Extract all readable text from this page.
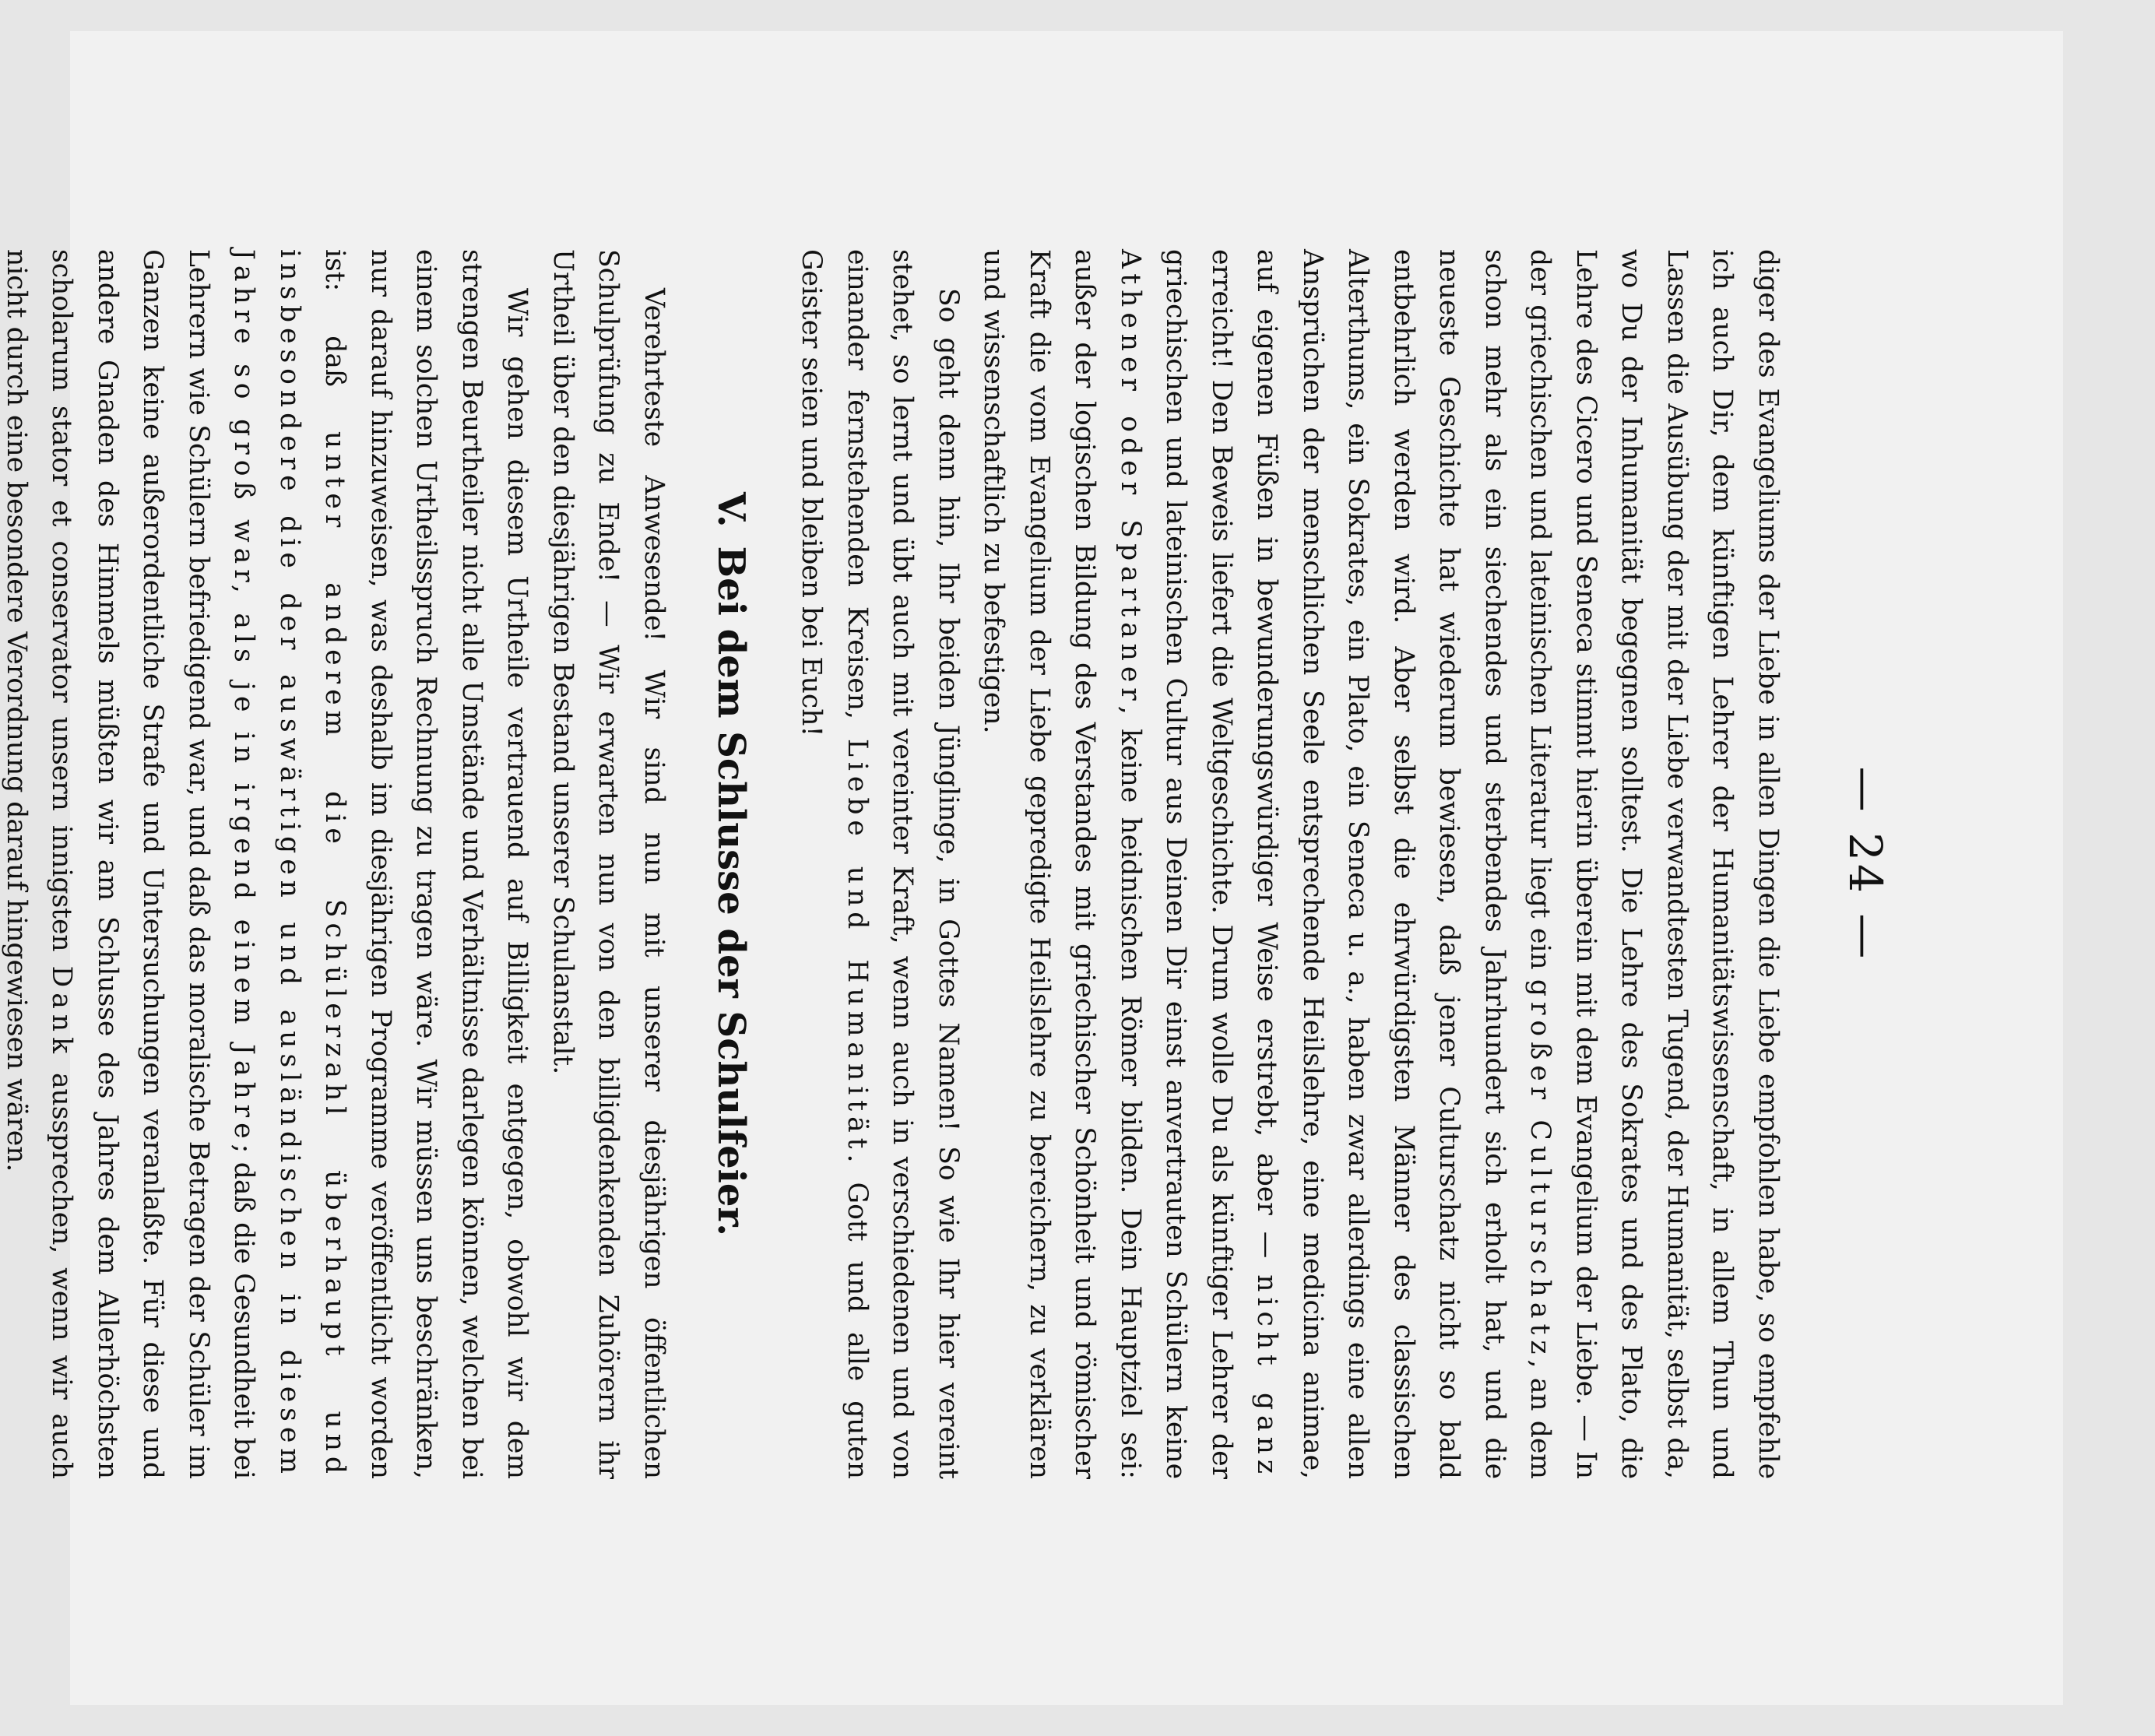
— 24 —

diger des Evangeliums der Liebe in allen Dingen die Liebe empfohlen habe, so empfehle ich auch Dir, dem künftigen Lehrer der Humanitätswissenschaft, in allem Thun und Lassen die Ausübung der mit der Liebe verwandtesten Tugend, der Humanität, selbst da, wo Du der Inhumanität begegnen solltest. Die Lehre des Sokrates und des Plato, die Lehre des Cicero und Seneca stimmt hierin überein mit dem Evangelium der Liebe. — In der griechischen und lateinischen Literatur liegt ein großer Culturschatz, an dem schon mehr als ein siechendes und sterbendes Jahrhundert sich erholt hat, und die neueste Geschichte hat wiederum bewiesen, daß jener Culturschatz nicht so bald entbehrlich werden wird. Aber selbst die ehrwürdigsten Männer des classischen Alterthums, ein Sokrates, ein Plato, ein Seneca u. a., haben zwar allerdings eine allen Ansprüchen der menschlichen Seele entsprechende Heilslehre, eine medicina animae, auf eigenen Füßen in bewunderungswürdiger Weise erstrebt, aber — nicht ganz erreicht! Den Beweis liefert die Weltgeschichte. Drum wolle Du als künftiger Lehrer der griechischen und lateinischen Cultur aus Deinen Dir einst anvertrauten Schülern keine Athener oder Spartaner, keine heidnischen Römer bilden. Dein Hauptziel sei: außer der logischen Bildung des Verstandes mit griechischer Schönheit und römischer Kraft die vom Evangelium der Liebe gepredigte Heilslehre zu bereichern, zu verklären und wissenschaftlich zu befestigen.

So geht denn hin, Ihr beiden Jünglinge, in Gottes Namen! So wie Ihr hier vereint stehet, so lernt und übt auch mit vereinter Kraft, wenn auch in verschiedenen und von einander fernstehenden Kreisen, Liebe und Humanität. Gott und alle guten Geister seien und bleiben bei Euch!

V.Bei dem Schlusse der Schulfeier.

Verehrteste Anwesende! Wir sind nun mit unserer diesjährigen öffentlichen Schulprüfung zu Ende! — Wir erwarten nun von den billigdenkenden Zuhörern ihr Urtheil über den diesjährigen Bestand unserer Schulanstalt.

Wir gehen diesem Urtheile vertrauend auf Billigkeit entgegen, obwohl wir dem strengen Beurtheiler nicht alle Umstände und Verhältnisse darlegen können, welchen bei einem solchen Urtheilsspruch Rechnung zu tragen wäre. Wir müssen uns beschränken, nur darauf hinzuweisen, was deshalb im diesjährigen Programme veröffentlicht worden ist: daß unter anderem die Schülerzahl überhaupt und insbesondere die der auswärtigen und ausländischen in diesem Jahre so groß war, als je in irgend einem Jahre; daß die Gesundheit bei Lehrern wie Schülern befriedigend war, und daß das moralische Betragen der Schüler im Ganzen keine außerordentliche Strafe und Untersuchungen veranlaßte. Für diese und andere Gnaden des Himmels müßten wir am Schlusse des Jahres dem Allerhöchsten scholarum stator et conservator unsern innigsten Dank aussprechen, wenn wir auch nicht durch eine besondere Verordnung darauf hingewiesen wären.
